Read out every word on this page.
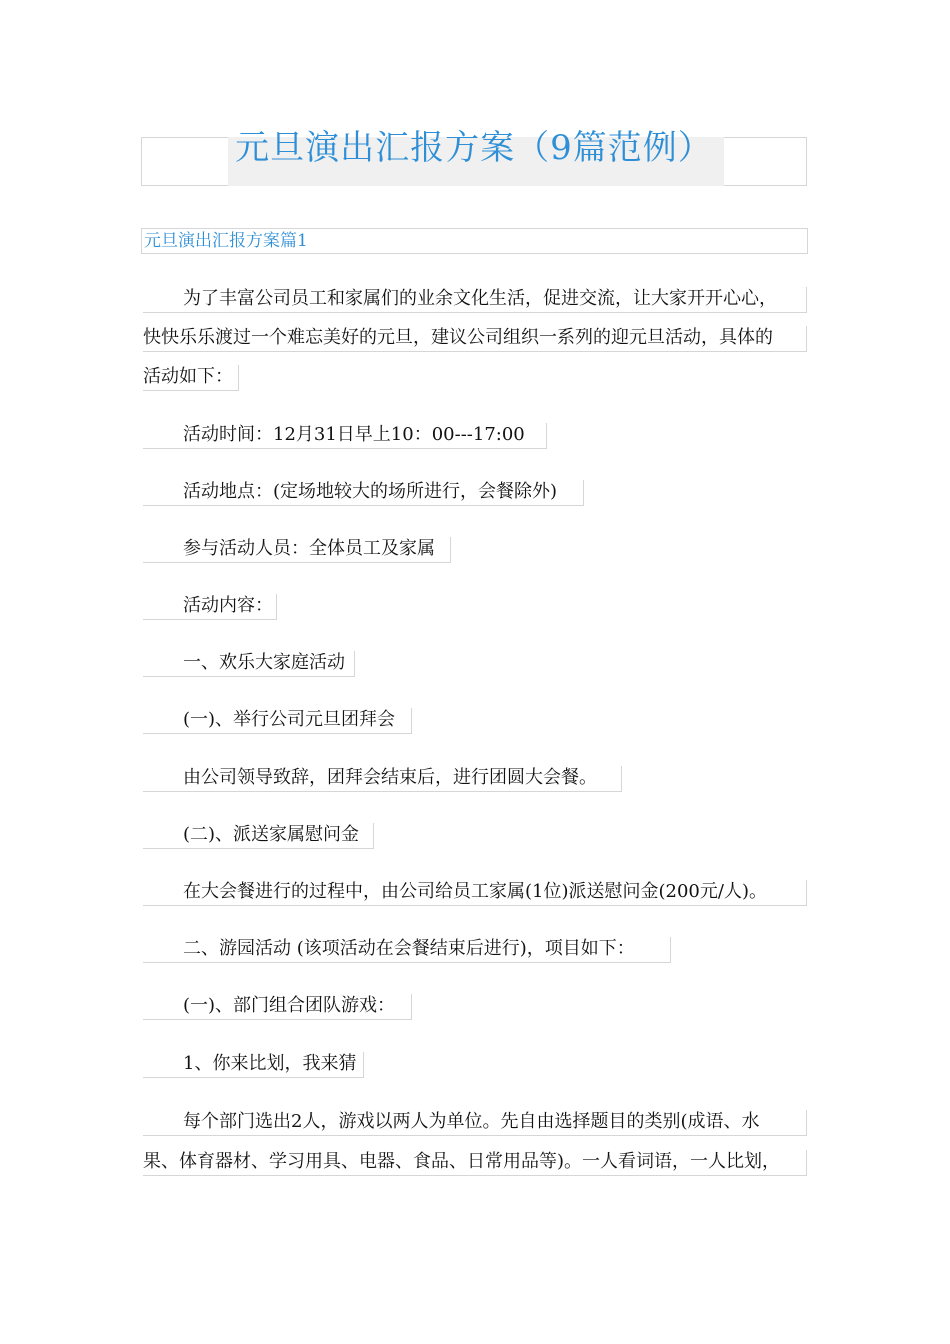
元旦演出汇报方案（9篇范例）
元旦演出汇报方案篇1
为了丰富公司员工和家属们的业余文化生活，促进交流，让大家开开心心，
快快乐乐渡过一个难忘美好的元旦，建议公司组织一系列的迎元旦活动，具体的
活动如下：
活动时间：12月31日早上10：00---17:00
活动地点：(定场地较大的场所进行，会餐除外)
参与活动人员：全体员工及家属
活动内容：
一、欢乐大家庭活动
(一)、举行公司元旦团拜会
由公司领导致辞，团拜会结束后，进行团圆大会餐。
(二)、派送家属慰问金
在大会餐进行的过程中，由公司给员工家属(1位)派送慰问金(200元/人)。
二、游园活动 (该项活动在会餐结束后进行)，项目如下：
(一)、部门组合团队游戏：
1、你来比划，我来猜
每个部门选出2人，游戏以两人为单位。先自由选择题目的类别(成语、水
果、体育器材、学习用具、电器、食品、日常用品等)。一人看词语，一人比划，
